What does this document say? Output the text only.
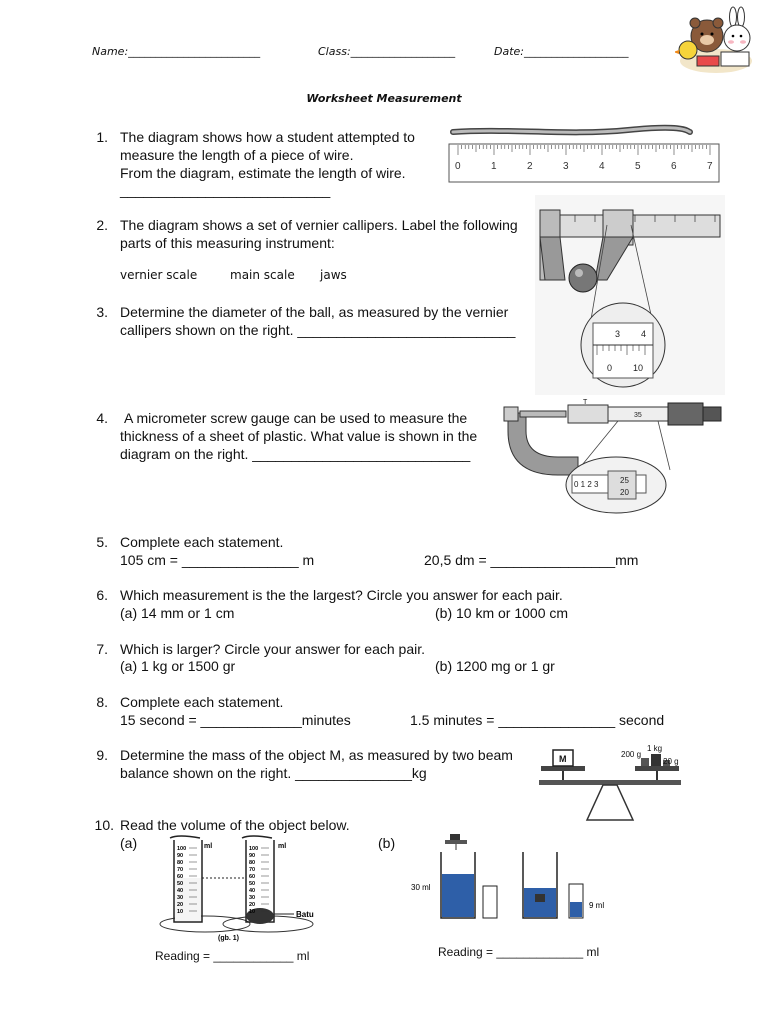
Name:________________________	Class:___________________	Date:___________________
Worksheet Measurement
1. The diagram shows how a student attempted to
measure the length of a piece of wire.
From the diagram, estimate the length of wire.
___________________________
0	1	2	3	4	5	6	7
2. The diagram shows a set of vernier callipers. Label the following
parts of this measuring instrument:
vernier scale	main scale jaws
3 4
0 10
3. Determine the diameter of the ball, as measured by the vernier
callipers shown on the right. ____________________________
4. A micrometer screw gauge can be used to measure the
thickness of a sheet of plastic. What value is shown in the
diagram on the right. ____________________________
T
35
0 1 2 3	25
20
5. Complete each statement.
105 cm = _______________ m	20,5 dm = ________________mm
6. Which measurement is the the largest? Circle you answer for each pair.
(a) 14 mm or 1 cm	(b) 10 km or 1000 cm
7. Which is larger? Circle your answer for each pair.
(a) 1 kg or 1500 gr	(b) 1200 mg or 1 gr
8. Complete each statement.
15 second = _____________minutes	1.5 minutes = _______________ second
9. Determine the mass of the object M, as measured by two beam
balance shown on the right. _______________kg
M	200 g
1 kg
20 g
10. Read the volume of the object below.
(a)	(b)
Batu
100
90
80
70
60
50
40
30
20
10
100
90
80
70
60
50
40
30
20
10
ml	ml
(gb. 1)
30 ml
9 ml
Reading = ____________ ml	Reading = _____________ ml
